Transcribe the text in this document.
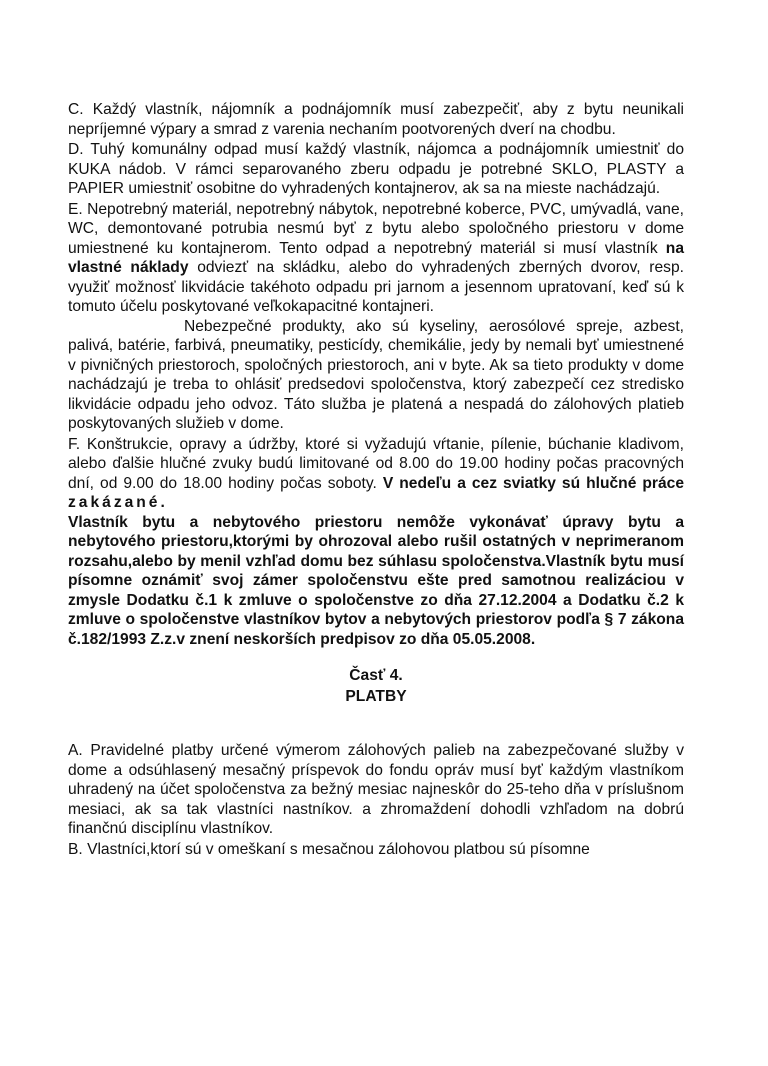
C. Každý vlastník, nájomník a podnájomník musí zabezpečiť, aby z bytu neunikali nepríjemné výpary a smrad z varenia nechaním pootvorených dverí na chodbu.

D. Tuhý komunálny odpad musí každý vlastník, nájomca a podnájomník umiestniť do KUKA nádob. V rámci separovaného zberu odpadu je potrebné SKLO, PLASTY a PAPIER umiestniť osobitne do vyhradených kontajnerov, ak sa na mieste nachádzajú.

E. Nepotrebný materiál, nepotrebný nábytok, nepotrebné koberce, PVC, umývadlá, vane, WC, demontované potrubia nesmú byť z bytu alebo spoločného priestoru v dome umiestnené ku kontajnerom. Tento odpad a nepotrebný materiál si musí vlastník na vlastné náklady odviezť na skládku, alebo do vyhradených zberných dvorov, resp. využiť možnosť likvidácie takéhoto odpadu pri jarnom a jesennom upratovaní, keď sú k tomuto účelu poskytované veľkokapacitné kontajneri.

Nebezpečné produkty, ako sú kyseliny, aerosólové spreje, azbest, palivá, batérie, farbivá, pneumatiky, pesticídy, chemikálie, jedy by nemali byť umiestnené v pivničných priestoroch, spoločných priestoroch, ani v byte. Ak sa tieto produkty v dome nachádzajú je treba to ohlásiť predsedovi spoločenstva, ktorý zabezpečí cez stredisko likvidácie odpadu jeho odvoz. Táto služba je platená a nespadá do zálohových platieb poskytovaných služieb v dome.

F. Konštrukcie, opravy a údržby, ktoré si vyžadujú vŕtanie, pílenie, búchanie kladivom, alebo ďalšie hlučné zvuky budú limitované od 8.00 do 19.00 hodiny počas pracovných dní, od 9.00 do 18.00 hodiny počas soboty. V nedeľu a cez sviatky sú hlučné práce zakázané.

Vlastník bytu a nebytového priestoru nemôže vykonávať úpravy bytu a nebytového priestoru,ktorými by ohrozoval alebo rušil ostatných v neprimeranom rozsahu,alebo by menil vzhľad domu bez súhlasu spoločenstva.Vlastník bytu musí písomne oznámiť svoj zámer spoločenstvu ešte pred samotnou realizáciou v zmysle Dodatku č.1 k zmluve o spoločenstve zo dňa 27.12.2004 a Dodatku č.2 k zmluve o spoločenstve vlastníkov bytov a nebytových priestorov podľa § 7 zákona č.182/1993 Z.z.v znení neskorších predpisov zo dňa 05.05.2008.

Časť 4.

PLATBY

A. Pravidelné platby určené výmerom zálohových palieb na zabezpečované služby v dome a odsúhlasený mesačný príspevok do fondu opráv musí byť každým vlastníkom uhradený na účet spoločenstva za bežný mesiac najneskôr do 25-teho dňa v príslušnom mesiaci, ak sa tak vlastníci nastníkov. a zhromaždení dohodli vzhľadom na dobrú finančnú disciplínu vlastníkov.

B. Vlastníci,ktorí sú v omeškaní s mesačnou zálohovou platbou sú písomne
